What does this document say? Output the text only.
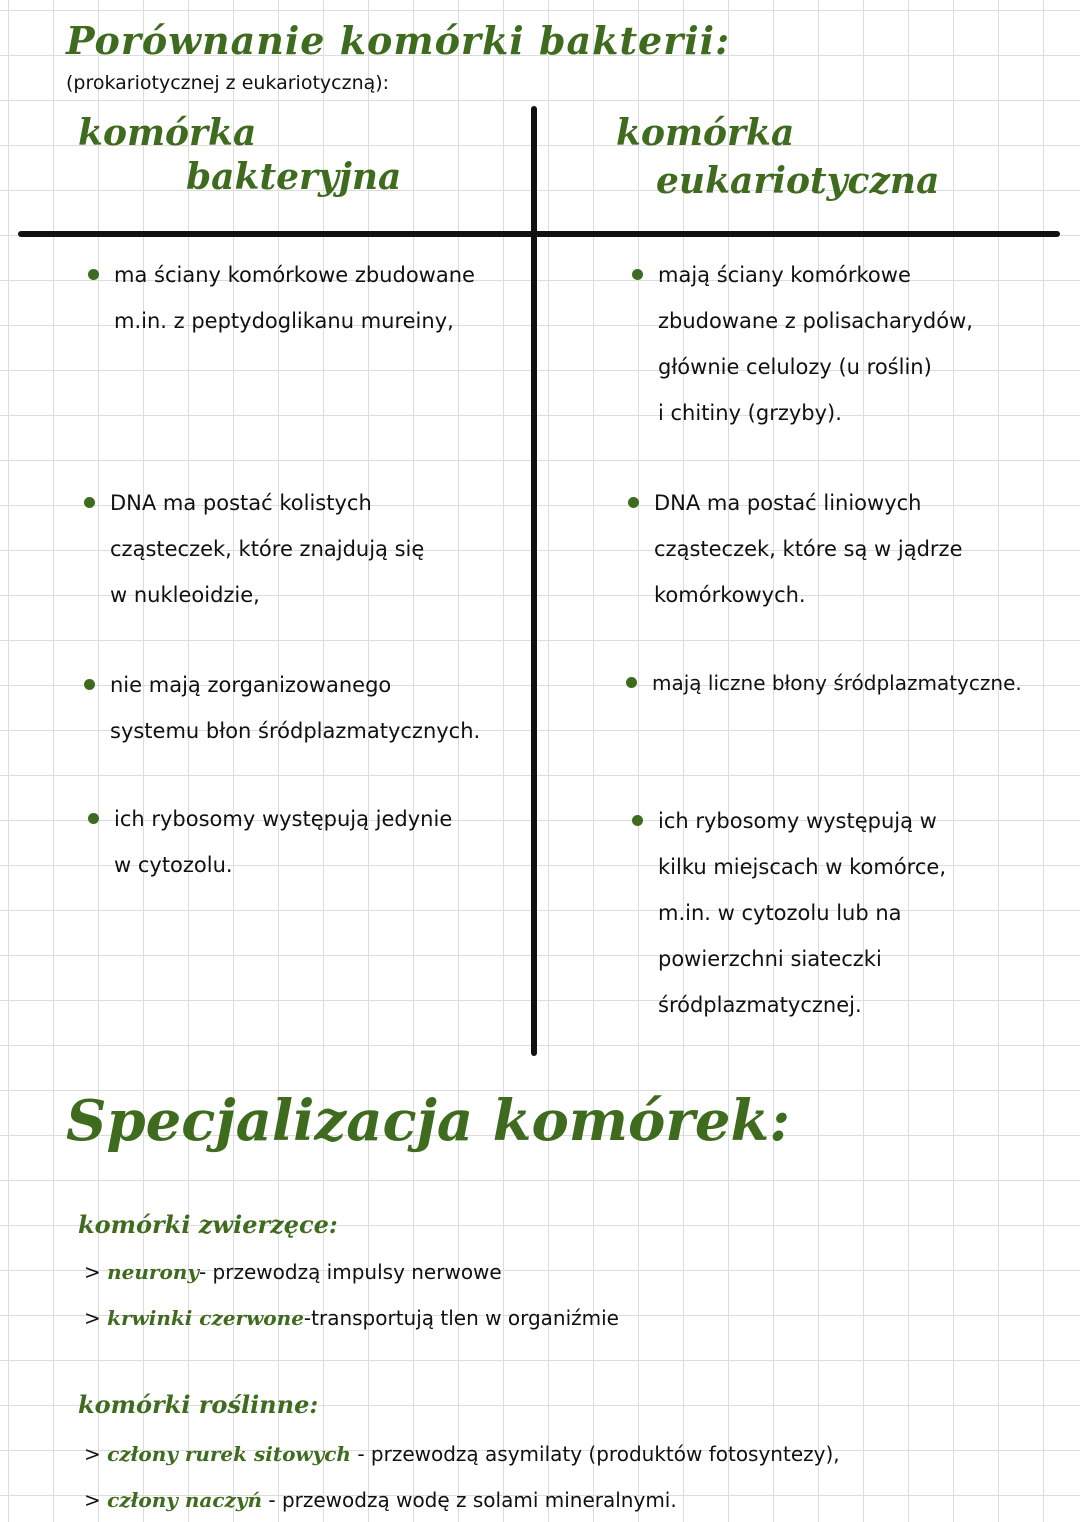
Porównanie komórki bakterii:
(prokariotycznej z eukariotyczną):
komórka
bakteryjna
komórka
eukariotyczna
ma ściany komórkowe zbudowane
m.in. z peptydoglikanu mureiny,
DNA ma postać kolistych
cząsteczek, które znajdują się
w nukleoidzie,
nie mają zorganizowanego
systemu błon śródplazmatycznych.
ich rybosomy występują jedynie
w cytozolu.
mają ściany komórkowe
zbudowane z polisacharydów,
głównie celulozy (u roślin)
i chitiny (grzyby).
DNA ma postać liniowych
cząsteczek, które są w jądrze
komórkowych.
mają liczne błony śródplazmatyczne.
ich rybosomy występują w
kilku miejscach w komórce,
m.in. w cytozolu lub na
powierzchni siateczki
śródplazmatycznej.
Specjalizacja komórek:
komórki zwierzęce:
> neurony- przewodzą impulsy nerwowe
> krwinki czerwone-transportują tlen w organiźmie
komórki roślinne:
> człony rurek sitowych - przewodzą asymilaty (produktów fotosyntezy),
> człony naczyń - przewodzą wodę z solami mineralnymi.
